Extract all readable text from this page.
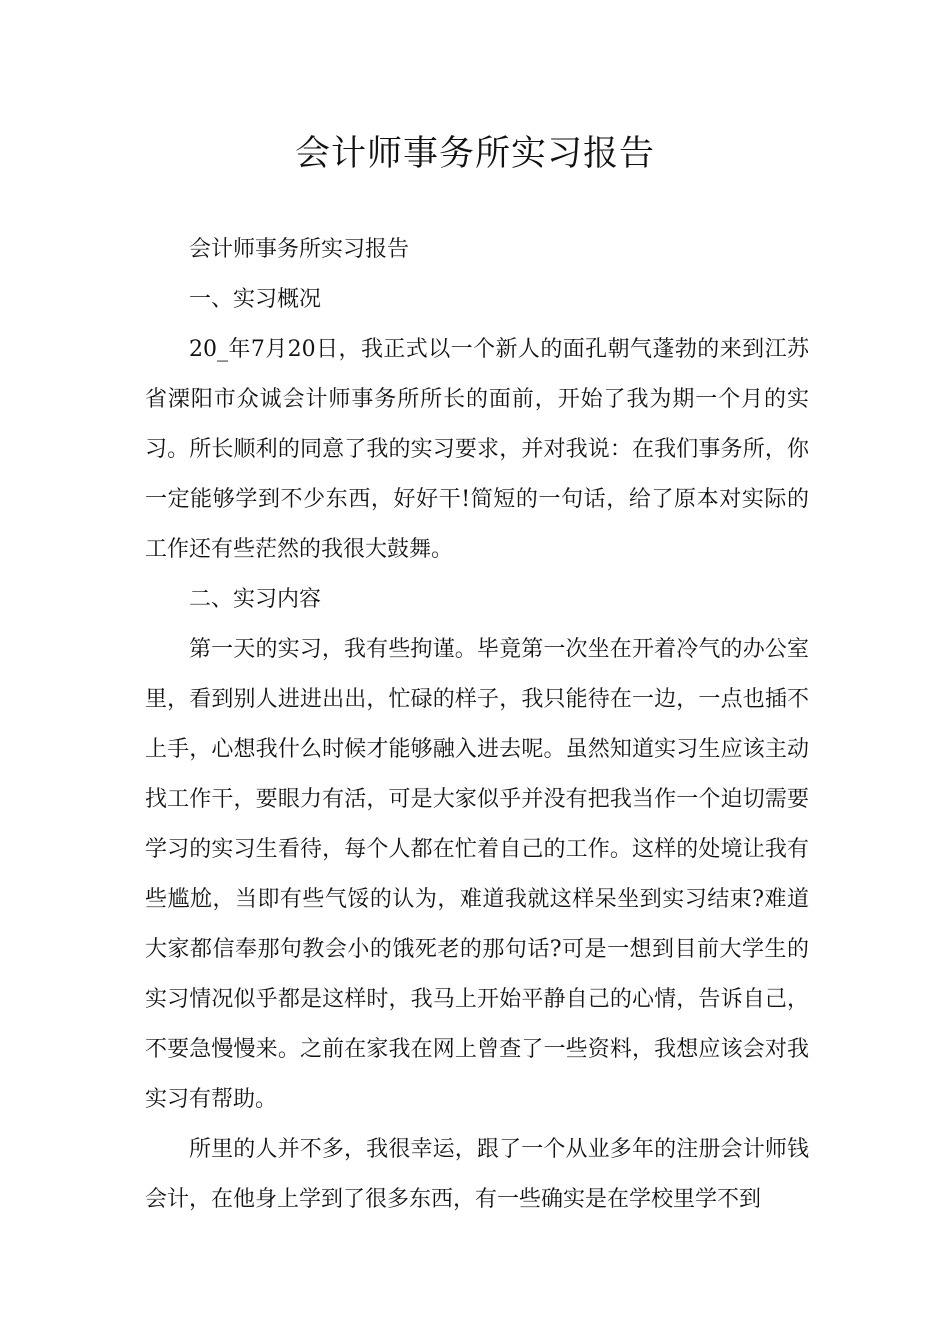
会计师事务所实习报告

会计师事务所实习报告

一、实习概况

20_年7月20日，我正式以一个新人的面孔朝气蓬勃的来到江苏省溧阳市众诚会计师事务所所长的面前，开始了我为期一个月的实习。所长顺利的同意了我的实习要求，并对我说：在我们事务所，你一定能够学到不少东西，好好干!简短的一句话，给了原本对实际的工作还有些茫然的我很大鼓舞。

二、实习内容

第一天的实习，我有些拘谨。毕竟第一次坐在开着冷气的办公室里，看到别人进进出出，忙碌的样子，我只能待在一边，一点也插不上手，心想我什么时候才能够融入进去呢。虽然知道实习生应该主动找工作干，要眼力有活，可是大家似乎并没有把我当作一个迫切需要学习的实习生看待，每个人都在忙着自己的工作。这样的处境让我有些尴尬，当即有些气馁的认为，难道我就这样呆坐到实习结束?难道大家都信奉那句教会小的饿死老的那句话?可是一想到目前大学生的实习情况似乎都是这样时，我马上开始平静自己的心情，告诉自己，不要急慢慢来。之前在家我在网上曾查了一些资料，我想应该会对我实习有帮助。

所里的人并不多，我很幸运，跟了一个从业多年的注册会计师钱会计，在他身上学到了很多东西，有一些确实是在学校里学不到
